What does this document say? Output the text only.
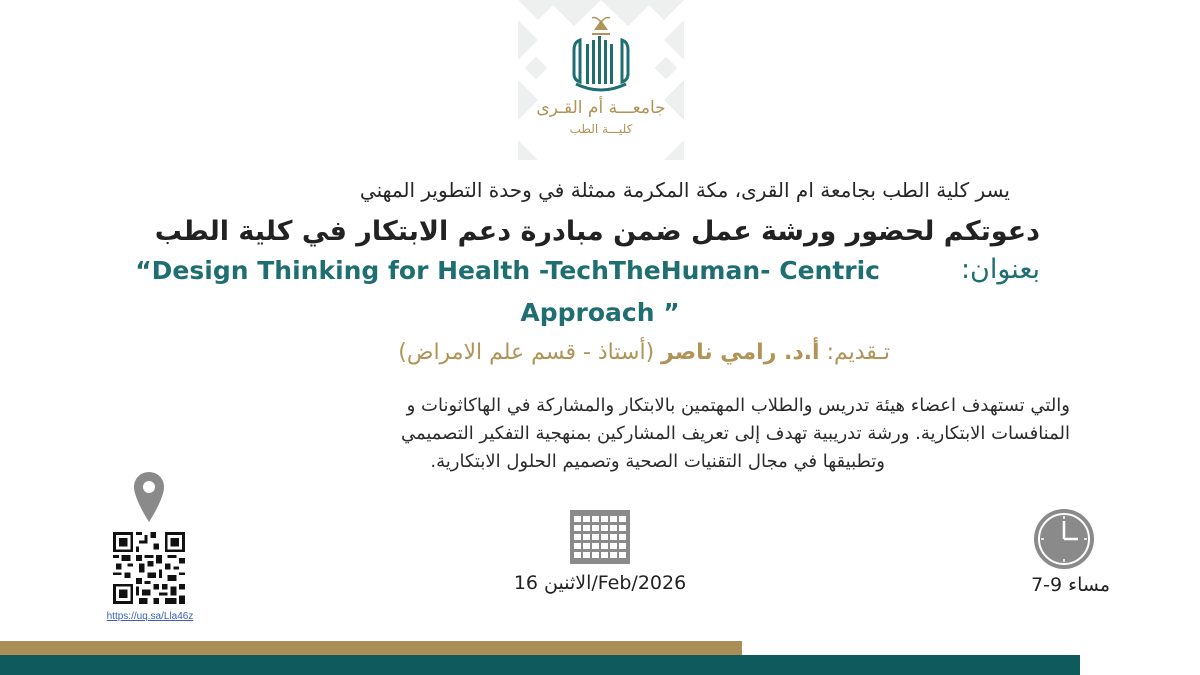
جامعـــة أم القـرى
كليـــة الطب
يسر كلية الطب بجامعة ام القرى، مكة المكرمة ممثلة في وحدة التطوير المهني
دعوتكم لحضور ورشة عمل ضمن مبادرة دعم الابتكار في كلية الطب
بعنوان:
“Design Thinking for Health -TechTheHuman- Centric
Approach ”
تـقديم: أ.د. رامي ناصر (أستاذ - قسم علم الامراض)

والتي تستهدف اعضاء هيئة تدريس والطلاب المهتمين بالابتكار والمشاركة في الهاكاثونات و

المنافسات الابتكارية. ورشة تدريبية تهدف إلى تعريف المشاركين بمنهجية التفكير التصميمي

وتطبيقها في مجال التقنيات الصحية وتصميم الحلول الابتكارية.

https://uq.sa/Lla46z
الاثنين 16/Feb/2026	مساء 9-7
